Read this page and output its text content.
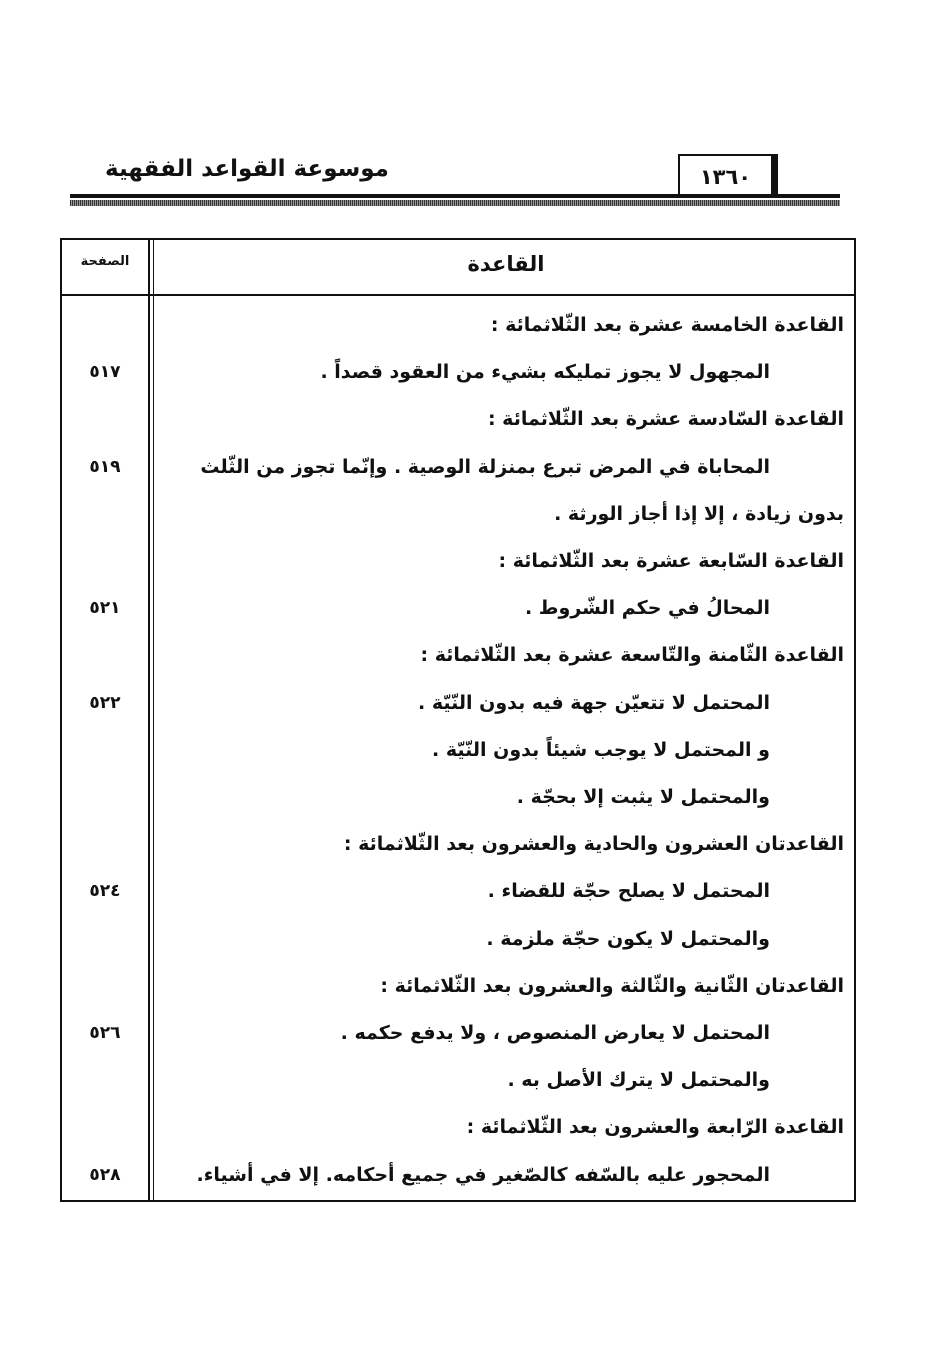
موسوعة القواعد الفقهية	١٣٦٠
الصفحة	القاعدة
القاعدة الخامسة عشرة بعد الثّلاثمائة :
المجهول لا يجوز تمليكه بشيء من العقود قصداً .
٥١٧
القاعدة السّادسة عشرة بعد الثّلاثمائة :
المحاباة في المرض تبرع بمنزلة الوصية . وإنّما تجوز من الثّلث
٥١٩
بدون زيادة ، إلا إذا أجاز الورثة .
القاعدة السّابعة عشرة بعد الثّلاثمائة :
المحالُ في حكم الشّروط .
٥٢١
القاعدة الثّامنة والتّاسعة عشرة بعد الثّلاثمائة :
المحتمل لا تتعيّن جهة فيه بدون النّيّة .
٥٢٢
و المحتمل لا يوجب شيئاً بدون النّيّة .
والمحتمل لا يثبت إلا بحجّة .
القاعدتان العشرون والحادية والعشرون بعد الثّلاثمائة :
المحتمل لا يصلح حجّة للقضاء .
٥٢٤
والمحتمل لا يكون حجّة ملزمة .
القاعدتان الثّانية والثّالثة والعشرون بعد الثّلاثمائة :
المحتمل لا يعارض المنصوص ، ولا يدفع حكمه .
٥٢٦
والمحتمل لا يترك الأصل به .
القاعدة الرّابعة والعشرون بعد الثّلاثمائة :
المحجور عليه بالسّفه كالصّغير في جميع أحكامه. إلا في أشياء.
٥٢٨
